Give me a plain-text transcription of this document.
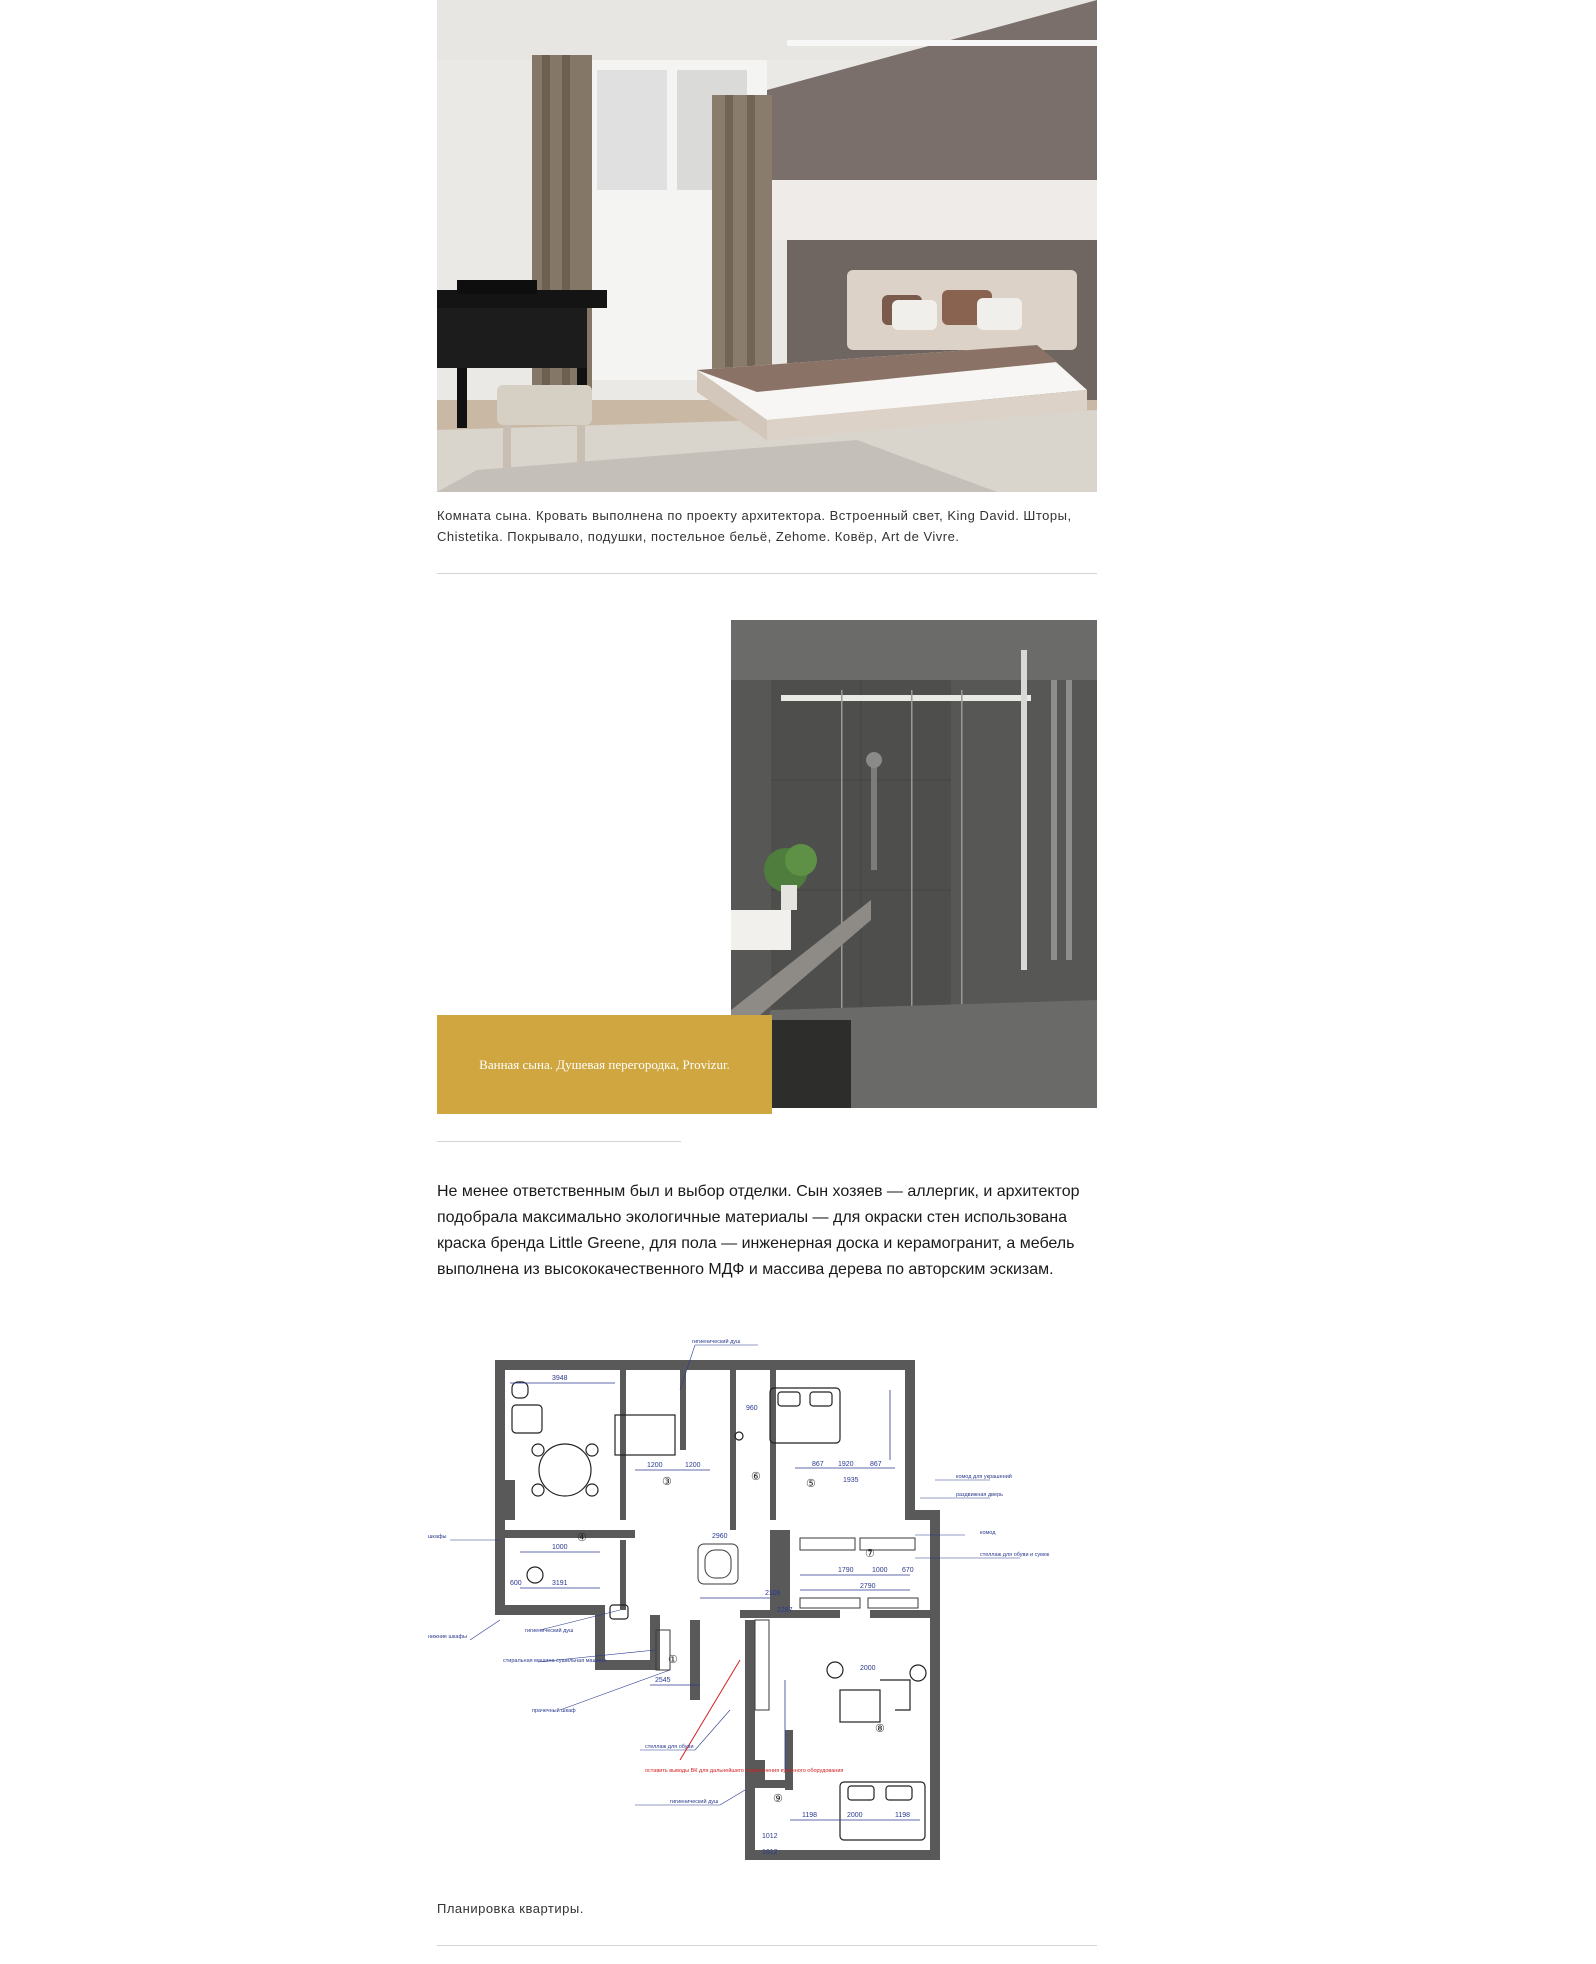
Комната сына. Кровать выполнена по проекту архитектора. Встроенный свет, King David. Шторы, Chistetika. Покрывало, подушки, постельное бельё, Zehome. Ковёр, Art de Vivre.
Ванная сына. Душевая перегородка, Provizur.
Не менее ответственным был и выбор отделки. Сын хозяев — аллергик, и архитектор подобрала максимально экологичные материалы — для окраски стен использована краска бренда Little Greene, для пола — инженерная доска и керамогранит, а мебель выполнена из высококачественного МДФ и массива дерева по авторским эскизам.
3948
1200	1200
1000
3191
600
960
2960
867 1920 867
1935
2106
2287
1790	1000 670
2790
2545
1198	2000	1198
1012
1612
2000
①
③
④
⑤
⑥
⑦
⑧
⑨
гигиенический душ
комод для украшений
раздвижная дверь
комод
стеллаж для обуви и сумок
шкафы
нижние шкафы
гигиенический душ
стиральная машина сушильная машина
прачечный шкаф
стеллаж для обуви
гигиенический душ
оставить выводы ВК для дальнейшего подключения кухонного оборудования
Планировка квартиры.
